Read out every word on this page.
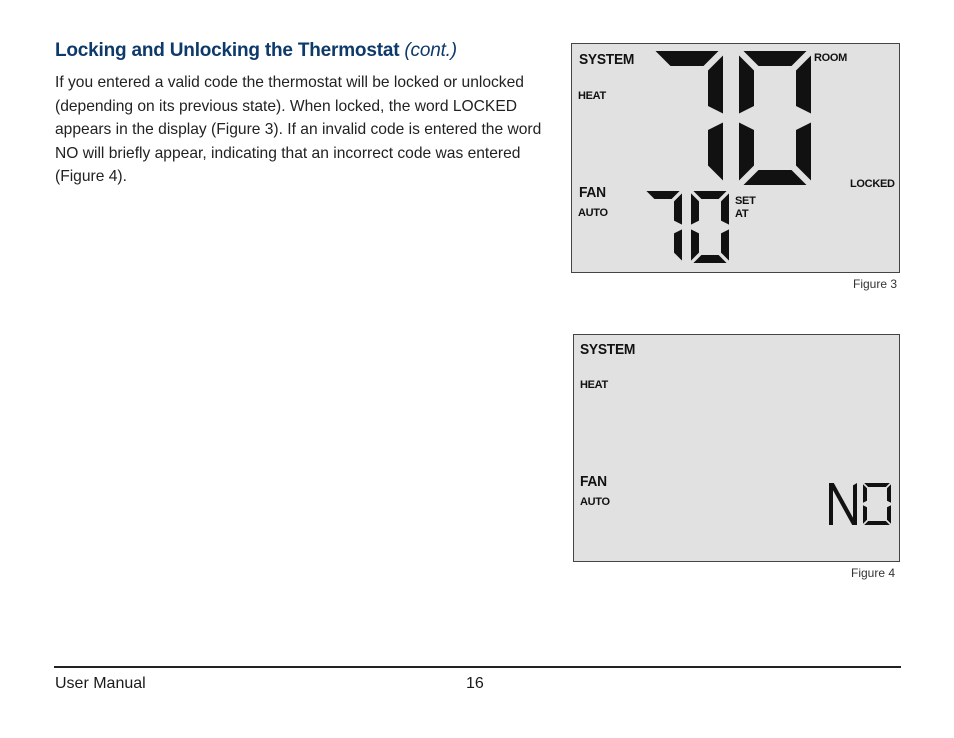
Locking and Unlocking the Thermostat (cont.)

If you entered a valid code the thermostat will be locked or unlocked (depending on its previous state). When locked, the word LOCKED appears in the display (Figure 3). If an invalid code is entered the word NO will briefly appear, indicating that an incorrect code was entered (Figure 4).

SYSTEM
HEAT
ROOM
LOCKED
FAN
AUTO
SET
AT

Figure 3

SYSTEM
HEAT
FAN
AUTO

Figure 4

User Manual	16
